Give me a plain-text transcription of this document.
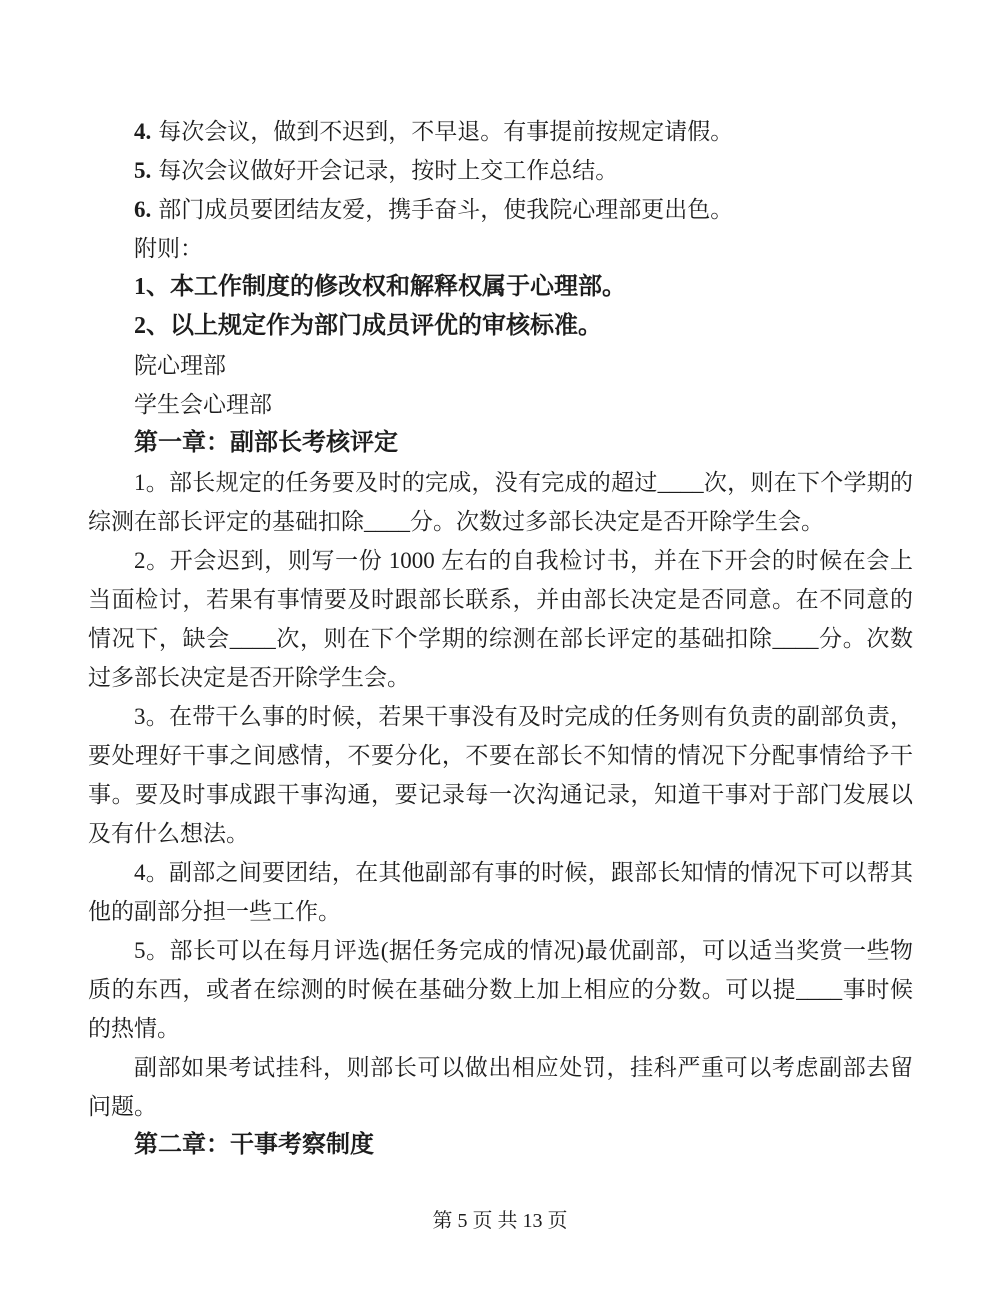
4. 每次会议，做到不迟到，不早退。有事提前按规定请假。
5. 每次会议做好开会记录，按时上交工作总结。
6. 部门成员要团结友爱，携手奋斗，使我院心理部更出色。
附则：
1、本工作制度的修改权和解释权属于心理部。
2、以上规定作为部门成员评优的审核标准。
院心理部
学生会心理部
第一章：副部长考核评定
1。部长规定的任务要及时的完成，没有完成的超过____次，则在下个学期的
综测在部长评定的基础扣除____分。次数过多部长决定是否开除学生会。
2。开会迟到，则写一份 1000 左右的自我检讨书，并在下开会的时候在会上
当面检讨，若果有事情要及时跟部长联系，并由部长决定是否同意。在不同意的
情况下，缺会____次，则在下个学期的综测在部长评定的基础扣除____分。次数
过多部长决定是否开除学生会。
3。在带干么事的时候，若果干事没有及时完成的任务则有负责的副部负责，
要处理好干事之间感情，不要分化，不要在部长不知情的情况下分配事情给予干
事。要及时事成跟干事沟通，要记录每一次沟通记录，知道干事对于部门发展以
及有什么想法。
4。副部之间要团结，在其他副部有事的时候，跟部长知情的情况下可以帮其
他的副部分担一些工作。
5。部长可以在每月评选(据任务完成的情况)最优副部，可以适当奖赏一些物
质的东西，或者在综测的时候在基础分数上加上相应的分数。可以提____事时候
的热情。
副部如果考试挂科，则部长可以做出相应处罚，挂科严重可以考虑副部去留
问题。
第二章：干事考察制度
第 5 页 共 13 页
